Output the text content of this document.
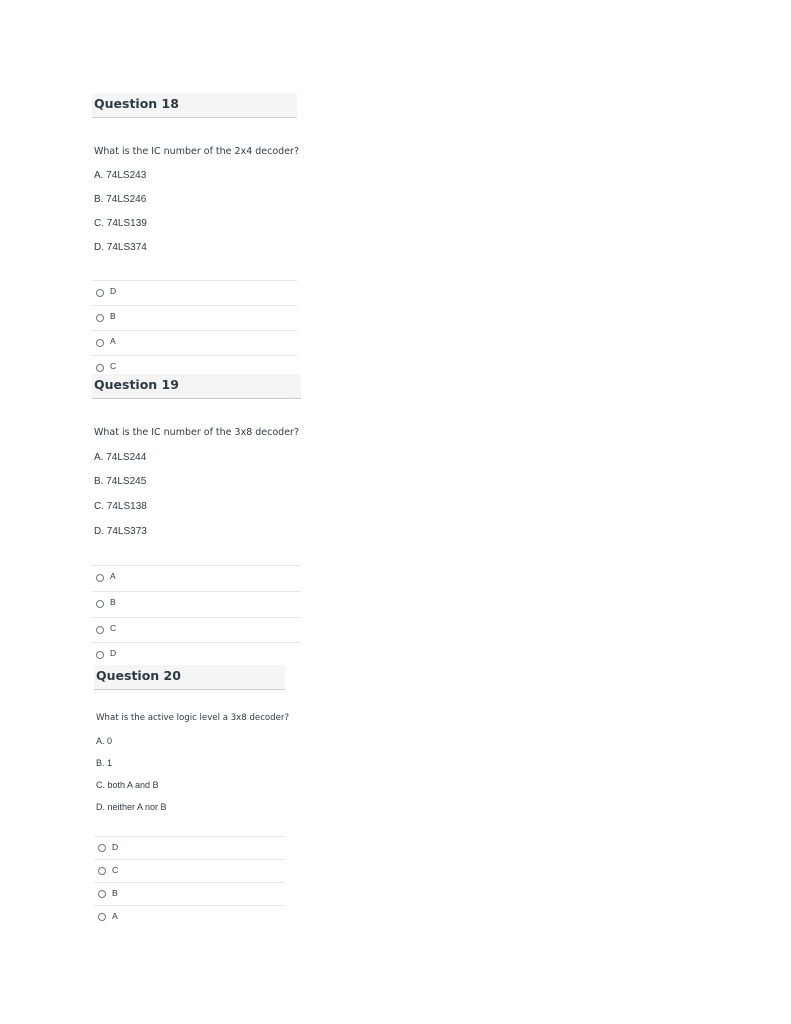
Question 18
What is the IC number of the 2x4 decoder?
A. 74LS243
B. 74LS246
C. 74LS139
D. 74LS374
D
B
A
C
Question 19
What is the IC number of the 3x8 decoder?
A. 74LS244
B. 74LS245
C. 74LS138
D. 74LS373
A
B
C
D
Question 20
What is the active logic level a 3x8 decoder?
A. 0
B. 1
C. both A and B
D. neither A nor B
D
C
B
A
